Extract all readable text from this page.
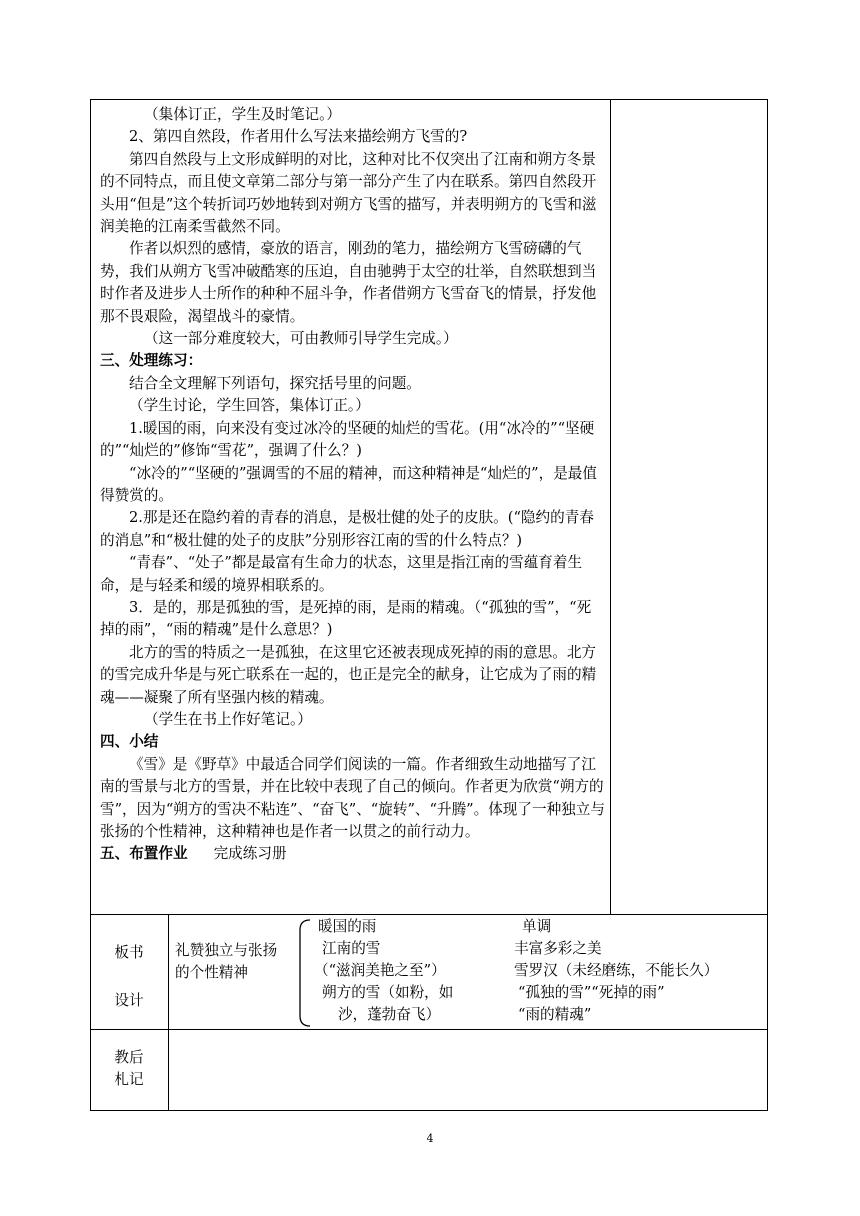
（集体订正，学生及时笔记。）

2、第四自然段，作者用什么写法来描绘朔方飞雪的?

第四自然段与上文形成鲜明的对比，这种对比不仅突出了江南和朔方冬景的不同特点，而且使文章第二部分与第一部分产生了内在联系。第四自然段开头用“但是”这个转折词巧妙地转到对朔方飞雪的描写，并表明朔方的飞雪和滋润美艳的江南柔雪截然不同。

作者以炽烈的感情，豪放的语言，刚劲的笔力，描绘朔方飞雪磅礴的气势，我们从朔方飞雪冲破酷寒的压迫，自由驰骋于太空的壮举，自然联想到当时作者及进步人士所作的种种不屈斗争，作者借朔方飞雪奋飞的情景，抒发他那不畏艰险，渴望战斗的豪情。

（这一部分难度较大，可由教师引导学生完成。）

三、处理练习：

结合全文理解下列语句，探究括号里的问题。

（学生讨论，学生回答，集体订正。）

1.暖国的雨，向来没有变过冰冷的坚硬的灿烂的雪花。(用“冰冷的”“坚硬的”“灿烂的”修饰“雪花”，强调了什么？)

“冰冷的”“坚硬的”强调雪的不屈的精神，而这种精神是“灿烂的”，是最值得赞赏的。

2.那是还在隐约着的青春的消息，是极壮健的处子的皮肤。(“隐约的青春的消息”和“极壮健的处子的皮肤”分别形容江南的雪的什么特点？)

“青春”、“处子”都是最富有生命力的状态，这里是指江南的雪蕴育着生命，是与轻柔和缓的境界相联系的。

3．是的，那是孤独的雪，是死掉的雨，是雨的精魂。（“孤独的雪”，“死掉的雨”，“雨的精魂”是什么意思？)

北方的雪的特质之一是孤独，在这里它还被表现成死掉的雨的意思。北方的雪完成升华是与死亡联系在一起的，也正是完全的献身，让它成为了雨的精魂——凝聚了所有坚强内核的精魂。

（学生在书上作好笔记。）

四、小结

《雪》是《野草》中最适合同学们阅读的一篇。作者细致生动地描写了江南的雪景与北方的雪景，并在比较中表现了自己的倾向。作者更为欣赏“朔方的雪”，因为“朔方的雪决不粘连”、“奋飞”、“旋转”、“升腾”。体现了一种独立与张扬的个性精神，这种精神也是作者一以贯之的前行动力。

五、布置作业 完成练习册

板书
设计
礼赞独立与张扬
的个性精神
暖国的雨
江南的雪
（“滋润美艳之至”）
朔方的雪（如粉，如
沙，蓬勃奋飞）
单调
丰富多彩之美
雪罗汉（未经磨练，不能长久）
“孤独的雪”“死掉的雨”
“雨的精魂”
教后
札记
4
